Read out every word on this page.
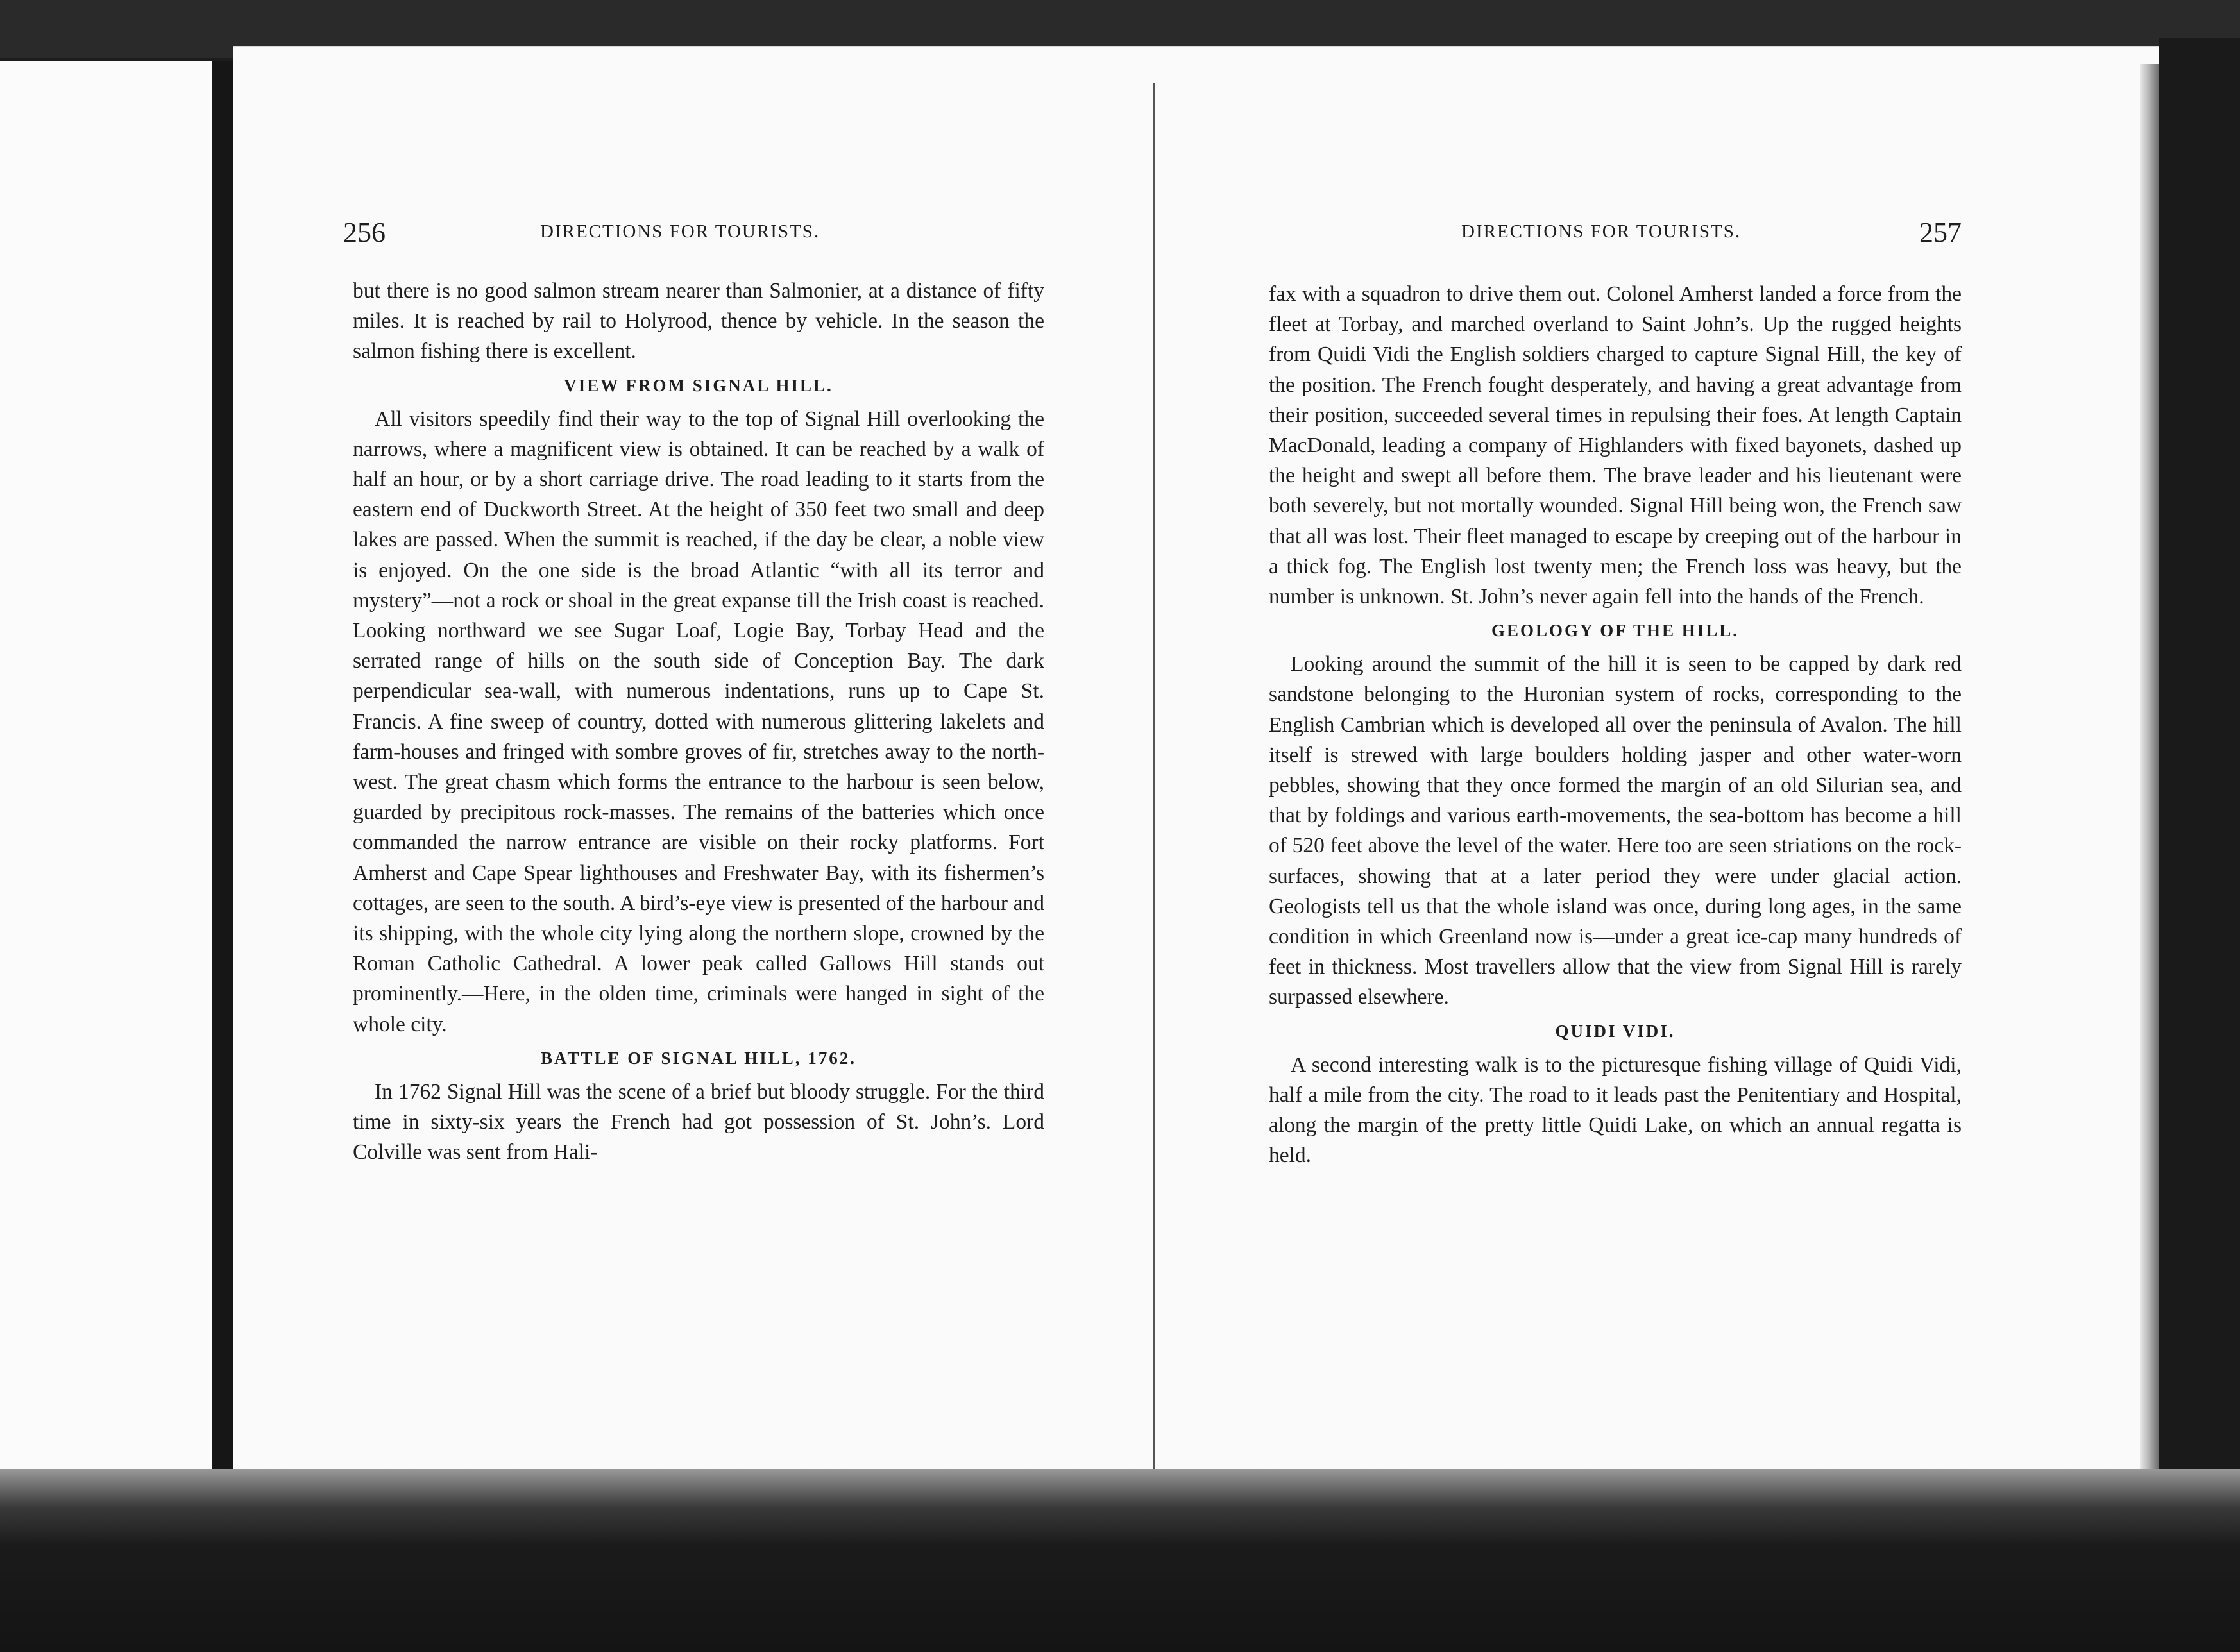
256	DIRECTIONS FOR TOURISTS.

but there is no good salmon stream nearer than Salmonier, at a distance of fifty miles. It is reached by rail to Holyrood, thence by vehicle. In the season the salmon fishing there is excellent.

VIEW FROM SIGNAL HILL.

All visitors speedily find their way to the top of Signal Hill overlooking the narrows, where a magnificent view is obtained. It can be reached by a walk of half an hour, or by a short carriage drive. The road leading to it starts from the eastern end of Duckworth Street. At the height of 350 feet two small and deep lakes are passed. When the summit is reached, if the day be clear, a noble view is enjoyed. On the one side is the broad Atlantic “with all its terror and mystery”—not a rock or shoal in the great expanse till the Irish coast is reached. Looking northward we see Sugar Loaf, Logie Bay, Torbay Head and the serrated range of hills on the south side of Conception Bay. The dark perpendicular sea-wall, with numerous indentations, runs up to Cape St. Francis. A fine sweep of country, dotted with numerous glittering lakelets and farm-houses and fringed with sombre groves of fir, stretches away to the north-west. The great chasm which forms the entrance to the harbour is seen below, guarded by precipitous rock-masses. The remains of the batteries which once commanded the narrow entrance are visible on their rocky platforms. Fort Amherst and Cape Spear lighthouses and Freshwater Bay, with its fishermen’s cottages, are seen to the south. A bird’s-eye view is presented of the harbour and its shipping, with the whole city lying along the northern slope, crowned by the Roman Catholic Cathedral. A lower peak called Gallows Hill stands out prominently.—Here, in the olden time, criminals were hanged in sight of the whole city.

BATTLE OF SIGNAL HILL, 1762.

In 1762 Signal Hill was the scene of a brief but bloody struggle. For the third time in sixty-six years the French had got possession of St. John’s. Lord Colville was sent from Hali-

DIRECTIONS FOR TOURISTS.	257

fax with a squadron to drive them out. Colonel Amherst landed a force from the fleet at Torbay, and marched overland to Saint John’s. Up the rugged heights from Quidi Vidi the English soldiers charged to capture Signal Hill, the key of the position. The French fought desperately, and having a great advantage from their position, succeeded several times in repulsing their foes. At length Captain MacDonald, leading a company of Highlanders with fixed bayonets, dashed up the height and swept all before them. The brave leader and his lieutenant were both severely, but not mortally wounded. Signal Hill being won, the French saw that all was lost. Their fleet managed to escape by creeping out of the harbour in a thick fog. The English lost twenty men; the French loss was heavy, but the number is unknown. St. John’s never again fell into the hands of the French.

GEOLOGY OF THE HILL.

Looking around the summit of the hill it is seen to be capped by dark red sandstone belonging to the Huronian system of rocks, corresponding to the English Cambrian which is developed all over the peninsula of Avalon. The hill itself is strewed with large boulders holding jasper and other water-worn pebbles, showing that they once formed the margin of an old Silurian sea, and that by foldings and various earth-movements, the sea-bottom has become a hill of 520 feet above the level of the water. Here too are seen striations on the rock-surfaces, showing that at a later period they were under glacial action. Geologists tell us that the whole island was once, during long ages, in the same condition in which Greenland now is—under a great ice-cap many hundreds of feet in thickness. Most travellers allow that the view from Signal Hill is rarely surpassed elsewhere.

QUIDI VIDI.

A second interesting walk is to the picturesque fishing village of Quidi Vidi, half a mile from the city. The road to it leads past the Penitentiary and Hospital, along the margin of the pretty little Quidi Lake, on which an annual regatta is held.
